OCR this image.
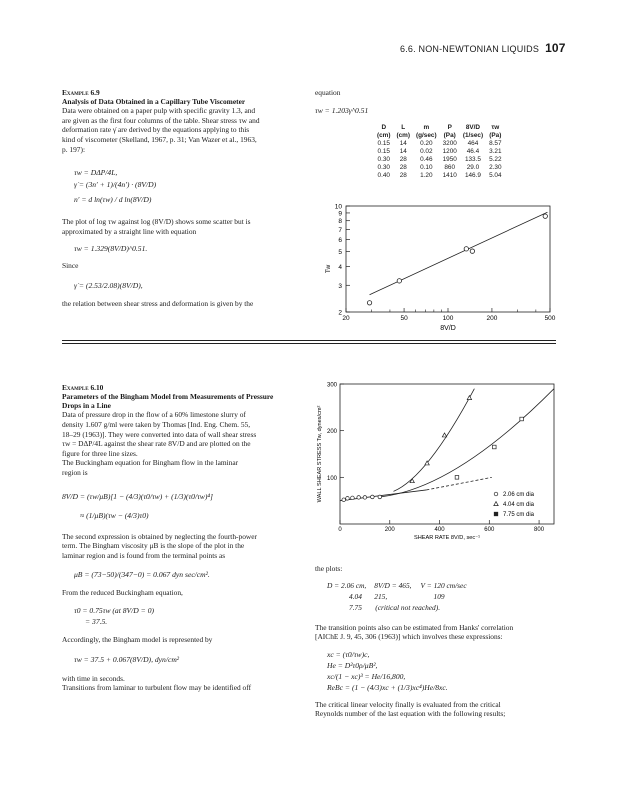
6.6. NON-NEWTONIAN LIQUIDS 107
Example 6.9
Analysis of Data Obtained in a Capillary Tube Viscometer
Data were obtained on a paper pulp with specific gravity 1.3, and
are given as the first four columns of the table. Shear stress τw and
deformation rate γ̇ are derived by the equations applying to this
kind of viscometer (Skelland, 1967, p. 31; Van Wazer et al., 1963,
p. 197):
τw = DΔP/4L,
γ̇ = (3n′ + 1)/(4n′) · (8V/D)
n′ = d ln(τw) / d ln(8V/D)
The plot of log τw against log (8V/D) shows some scatter but is
approximated by a straight line with equation
τw = 1.329(8V/D)^0.51.
Since
γ̇ = (2.53/2.08)(8V/D),
the relation between shear stress and deformation is given by the
equation
τw = 1.203γ̇^0.51
D	L	m	P	8V/D	τw
(cm)	(cm)	(g/sec)	(Pa)	(1/sec)	(Pa)
0.15	14	0.20	3200	464	8.57
0.15	14	0.02	1200	46.4	3.21
0.30	28	0.46	1950	133.5	5.22
0.30	28	0.10	860	29.0	2.30
0.40	28	1.20	1410	146.9	5.04
2
3
4
5
6
7
8
9
10
20	50	100	200	500
8V/D
Tw
Example 6.10
Parameters of the Bingham Model from Measurements of Pressure Drops in a Line
Data of pressure drop in the flow of a 60% limestone slurry of
density 1.607 g/ml were taken by Thomas [Ind. Eng. Chem. 55,
18–29 (1963)]. They were converted into data of wall shear stress
τw = DΔP/4L against the shear rate 8V/D and are plotted on the
figure for three line sizes.
The Buckingham equation for Bingham flow in the laminar
region is
8V/D = (τw/μB)[1 − (4/3)(τ0/τw) + (1/3)(τ0/τw)⁴]
≈ (1/μB)(τw − (4/3)τ0)
The second expression is obtained by neglecting the fourth-power
term. The Bingham viscosity μB is the slope of the plot in the
laminar region and is found from the terminal points as
μB = (73−50)/(347−0) = 0.067 dyn sec/cm².
From the reduced Buckingham equation,
τ0 = 0.75τw (at 8V/D = 0)
= 37.5.
Accordingly, the Bingham model is represented by
τw = 37.5 + 0.067(8V/D), dyn/cm²
with time in seconds.
Transitions from laminar to turbulent flow may be identified off
100
200
300
0	200	400	600	800
2.06 cm dia
4.04 cm dia
7.75 cm dia
SHEAR RATE 8V/D, sec⁻¹
WALL SHEAR STRESS Tw, dynes/cm²
the plots:
D = 2.06 cm,	8V/D = 465,	V = 120 cm/sec
4.04	215,	109
7.75	(critical not reached).	
The transition points also can be estimated from Hanks' correlation
[AIChE J. 9, 45, 306 (1963)] which involves these expressions:
xc = (τ0/τw)c,
He = D²τ0ρ/μB²,
xc/(1 − xc)³ = He/16,800,
ReBc = (1 − (4/3)xc + (1/3)xc⁴)He/8xc.
The critical linear velocity finally is evaluated from the critical
Reynolds number of the last equation with the following results;
